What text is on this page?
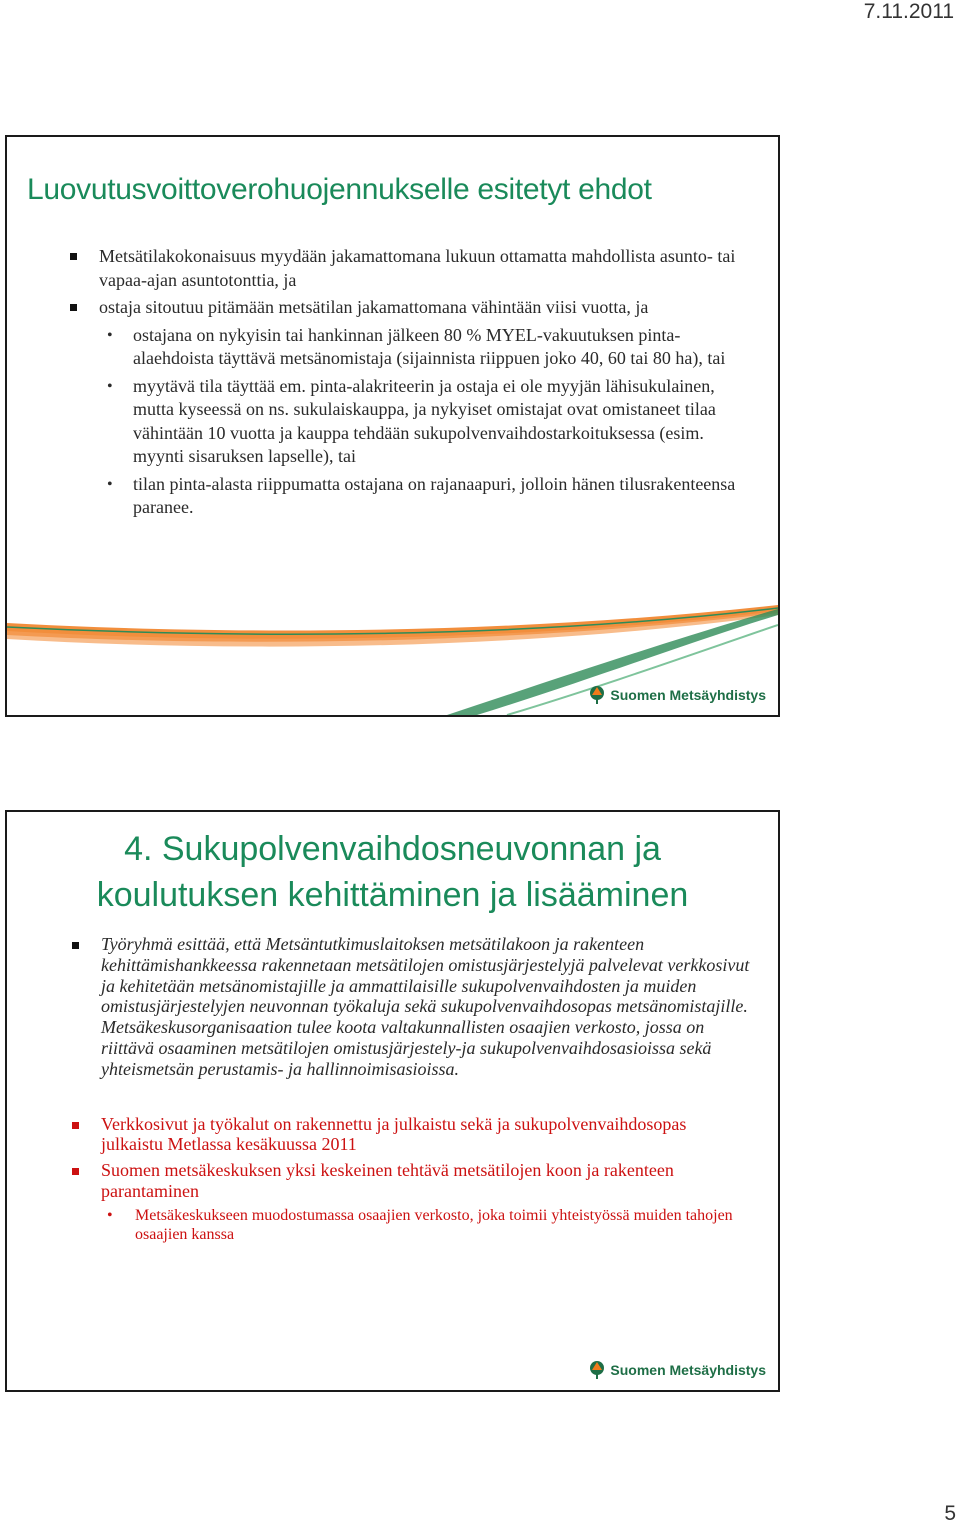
7.11.2011
Luovutusvoittoverohuojennukselle esitetyt ehdot
Metsätilakokonaisuus myydään jakamattomana lukuun ottamatta mahdollista asunto- tai vapaa-ajan asuntotonttia, ja
ostaja sitoutuu pitämään metsätilan jakamattomana vähintään viisi vuotta, ja
• ostajana on nykyisin tai hankinnan jälkeen 80 % MYEL-vakuutuksen pinta-alaehdoista täyttävä metsänomistaja (sijainnista riippuen joko 40, 60 tai 80 ha), tai
• myytävä tila täyttää em. pinta-alakriteerin ja ostaja ei ole myyjän lähisukulainen, mutta kyseessä on ns. sukulaiskauppa, ja nykyiset omistajat ovat omistaneet tilaa vähintään 10 vuotta ja kauppa tehdään sukupolvenvaihdostarkoituksessa (esim. myynti sisaruksen lapselle), tai
• tilan pinta-alasta riippumatta ostajana on rajanaapuri, jolloin hänen tilusrakenteensa paranee.
Suomen Metsäyhdistys
4. Sukupolvenvaihdosneuvonnan ja
koulutuksen kehittäminen ja lisääminen
Työryhmä esittää, että Metsäntutkimuslaitoksen metsätilakoon ja rakenteen kehittämishankkeessa rakennetaan metsätilojen omistusjärjestelyjä palvelevat verkkosivut ja kehitetään metsänomistajille ja ammattilaisille sukupolvenvaihdosten ja muiden omistusjärjestelyjen neuvonnan työkaluja sekä sukupolvenvaihdosopas metsänomistajille.
Metsäkeskusorganisaation tulee koota valtakunnallisten osaajien verkosto, jossa on riittävä osaaminen metsätilojen omistusjärjestely-ja sukupolvenvaihdosasioissa sekä yhteismetsän perustamis- ja hallinnoimisasioissa.
Verkkosivut ja työkalut on rakennettu ja julkaistu sekä ja sukupolvenvaihdosopas julkaistu Metlassa kesäkuussa 2011
Suomen metsäkeskuksen yksi keskeinen tehtävä metsätilojen koon ja rakenteen parantaminen
• Metsäkeskukseen muodostumassa osaajien verkosto, joka toimii yhteistyössä muiden tahojen osaajien kanssa
Suomen Metsäyhdistys
5
